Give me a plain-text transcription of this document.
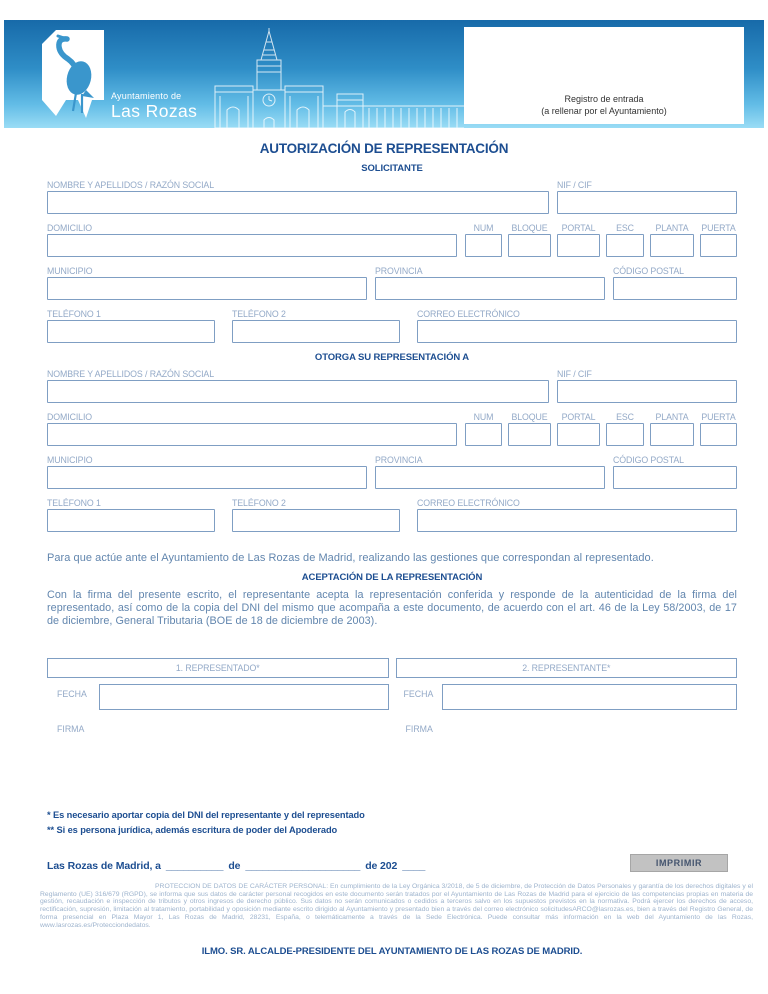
Ayuntamiento de
Las Rozas
Registro de entrada
(a rellenar por el Ayuntamiento)
AUTORIZACIÓN DE REPRESENTACIÓN
SOLICITANTE
NOMBRE Y APELLIDOS / RAZÓN SOCIAL	NIF / CIF
DOMICILIO	NUM	BLOQUE	PORTAL	ESC	PLANTA	PUERTA
MUNICIPIO	PROVINCIA	CÓDIGO POSTAL
TELÉFONO 1	TELÉFONO 2	CORREO ELECTRÓNICO
OTORGA SU REPRESENTACIÓN A
NOMBRE Y APELLIDOS / RAZÓN SOCIAL	NIF / CIF
DOMICILIO	NUM	BLOQUE	PORTAL	ESC	PLANTA	PUERTA
MUNICIPIO	PROVINCIA	CÓDIGO POSTAL
TELÉFONO 1	TELÉFONO 2	CORREO ELECTRÓNICO
Para que actúe ante el Ayuntamiento de Las Rozas de Madrid, realizando las gestiones que correspondan al representado.
ACEPTACIÓN DE LA REPRESENTACIÓN
Con la firma del presente escrito, el representante acepta la representación conferida y responde de la autenticidad de la firma del representado, así como de la copia del DNI del mismo que acompaña a este documento, de acuerdo con el art. 46 de la Ley 58/2003, de 17 de diciembre, General Tributaria (BOE de 18 de diciembre de 2003).
1. REPRESENTADO*
FECHA
FIRMA
2. REPRESENTANTE*
FECHA
FIRMA
* Es necesario aportar copia del DNI del representante y del representado
** Si es persona jurídica, además escritura de poder del Apoderado
Las Rozas de Madrid, a __________ de ____________________ de 202 ____	IMPRIMIR
PROTECCION DE DATOS DE CARÁCTER PERSONAL: En cumplimiento de la Ley Orgánica 3/2018, de 5 de diciembre, de Protección de Datos Personales y garantía de los derechos digitales y el Reglamento (UE) 316/679 (RGPD), se informa que sus datos de carácter personal recogidos en este documento serán tratados por el Ayuntamiento de Las Rozas de Madrid para el ejercicio de las competencias propias en materia de gestión, recaudación e inspección de tributos y otros ingresos de derecho público. Sus datos no serán comunicados o cedidos a terceros salvo en los supuestos previstos en la normativa. Podrá ejercer los derechos de acceso, rectificación, supresión, limitación al tratamiento, portabilidad y oposición mediante escrito dirigido al Ayuntamiento y presentado bien a través del correo electrónico solicitudesARCO@lasrozas.es, bien a través del Registro General, de forma presencial en Plaza Mayor 1, Las Rozas de Madrid, 28231, España, o telemáticamente a través de la Sede Electrónica. Puede consultar más información en la web del Ayuntamiento de las Rozas, www.lasrozas.es/Protecciondedatos.
ILMO. SR. ALCALDE-PRESIDENTE DEL AYUNTAMIENTO DE LAS ROZAS DE MADRID.
